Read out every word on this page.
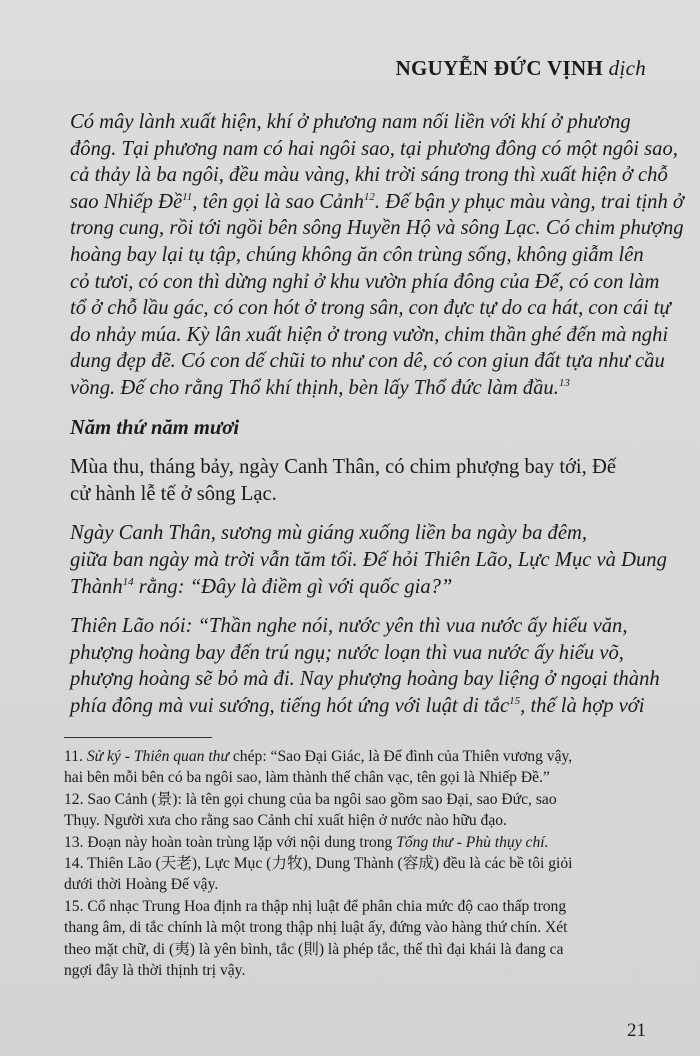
NGUYỄN ĐỨC VỊNH dịch
Có mây lành xuất hiện, khí ở phương nam nối liền với khí ở phương
đông. Tại phương nam có hai ngôi sao, tại phương đông có một ngôi sao,
cả thảy là ba ngôi, đều màu vàng, khi trời sáng trong thì xuất hiện ở chỗ
sao Nhiếp Đề$^{11}$, tên gọi là sao Cảnh$^{12}$. Đế bận y phục màu vàng, trai tịnh ở
trong cung, rồi tới ngồi bên sông Huyền Hộ và sông Lạc. Có chim phượng
hoàng bay lại tụ tập, chúng không ăn côn trùng sống, không giẫm lên
cỏ tươi, có con thì dừng nghỉ ở khu vườn phía đông của Đế, có con làm
tổ ở chỗ lầu gác, có con hót ở trong sân, con đực tự do ca hát, con cái tự
do nhảy múa. Kỳ lân xuất hiện ở trong vườn, chim thần ghé đến mà nghi
dung đẹp đẽ. Có con dế chũi to như con dê, có con giun đất tựa như cầu
vồng. Đế cho rằng Thổ khí thịnh, bèn lấy Thổ đức làm đầu.$^{13}$
Năm thứ năm mươi
Mùa thu, tháng bảy, ngày Canh Thân, có chim phượng bay tới, Đế
cử hành lễ tế ở sông Lạc.
Ngày Canh Thân, sương mù giáng xuống liền ba ngày ba đêm,
giữa ban ngày mà trời vẫn tăm tối. Đế hỏi Thiên Lão, Lực Mục và Dung
Thành$^{14}$ rằng: “Đây là điềm gì với quốc gia?”
Thiên Lão nói: “Thần nghe nói, nước yên thì vua nước ấy hiếu văn,
phượng hoàng bay đến trú ngụ; nước loạn thì vua nước ấy hiếu võ,
phượng hoàng sẽ bỏ mà đi. Nay phượng hoàng bay liệng ở ngoại thành
phía đông mà vui sướng, tiếng hót ứng với luật di tắc$^{15}$, thế là hợp với
11. Sử ký - Thiên quan thư chép: “Sao Đại Giác, là Đế đình của Thiên vương vậy,
hai bên mỗi bên có ba ngôi sao, làm thành thế chân vạc, tên gọi là Nhiếp Đề.”
12. Sao Cảnh (景): là tên gọi chung của ba ngôi sao gồm sao Đại, sao Đức, sao
Thụy. Người xưa cho rằng sao Cảnh chỉ xuất hiện ở nước nào hữu đạo.
13. Đoạn này hoàn toàn trùng lặp với nội dung trong Tống thư - Phù thụy chí.
14. Thiên Lão (天老), Lực Mục (力牧), Dung Thành (容成) đều là các bề tôi giỏi
dưới thời Hoàng Đế vậy.
15. Cổ nhạc Trung Hoa định ra thập nhị luật để phân chia mức độ cao thấp trong
thang âm, di tắc chính là một trong thập nhị luật ấy, đứng vào hàng thứ chín. Xét
theo mặt chữ, di (夷) là yên bình, tắc (則) là phép tắc, thế thì đại khái là đang ca
ngợi đây là thời thịnh trị vậy.
21
